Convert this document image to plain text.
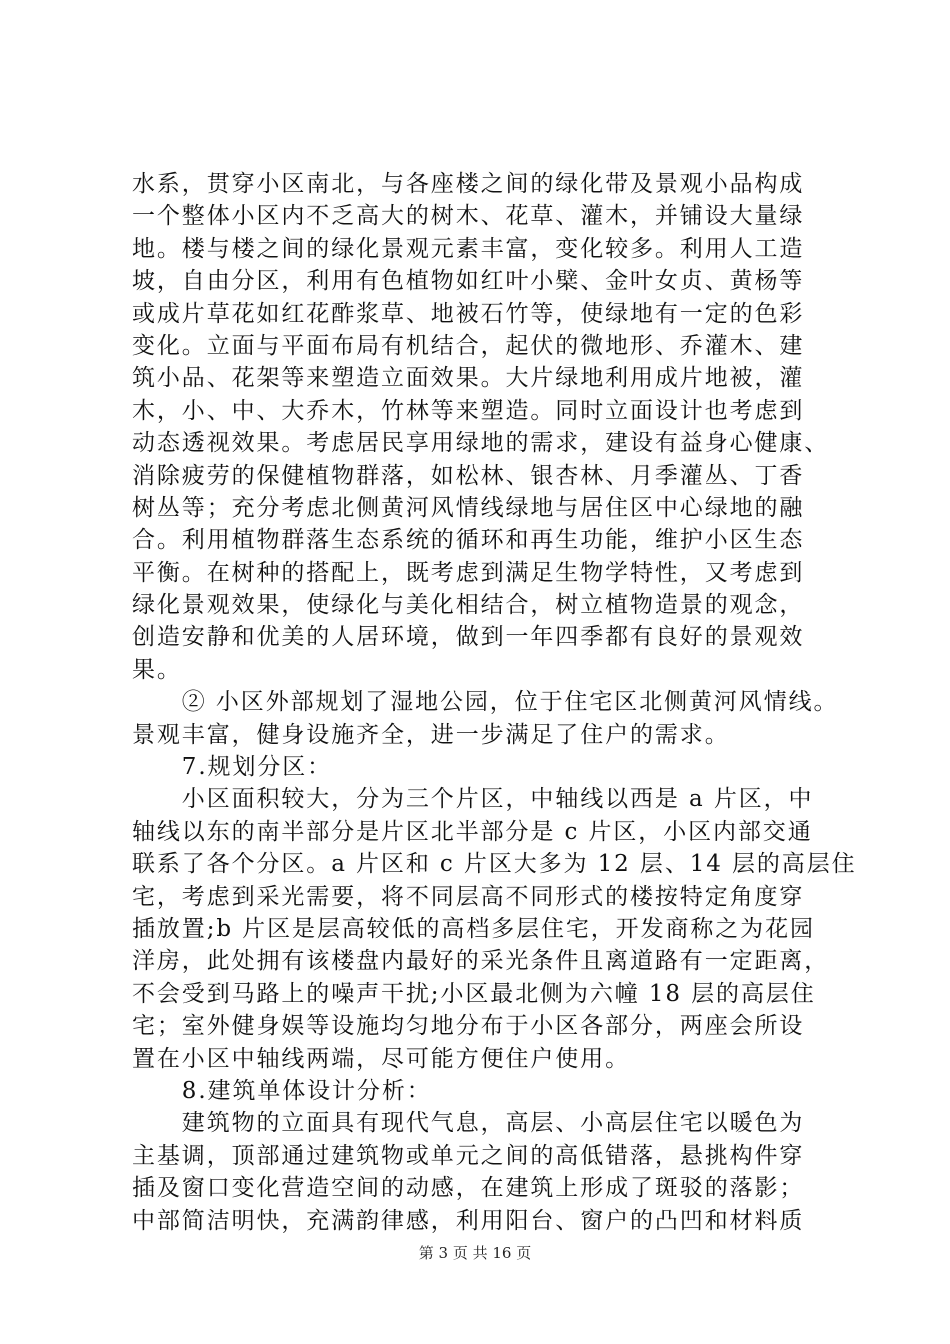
水系，贯穿小区南北，与各座楼之间的绿化带及景观小品构成
一个整体小区内不乏高大的树木、花草、灌木，并铺设大量绿
地。楼与楼之间的绿化景观元素丰富，变化较多。利用人工造
坡，自由分区，利用有色植物如红叶小檗、金叶女贞、黄杨等
或成片草花如红花酢浆草、地被石竹等，使绿地有一定的色彩
变化。立面与平面布局有机结合，起伏的微地形、乔灌木、建
筑小品、花架等来塑造立面效果。大片绿地利用成片地被，灌
木，小、中、大乔木，竹林等来塑造。同时立面设计也考虑到
动态透视效果。考虑居民享用绿地的需求，建设有益身心健康、
消除疲劳的保健植物群落，如松林、银杏林、月季灌丛、丁香
树丛等；充分考虑北侧黄河风情线绿地与居住区中心绿地的融
合。利用植物群落生态系统的循环和再生功能，维护小区生态
平衡。在树种的搭配上，既考虑到满足生物学特性，又考虑到
绿化景观效果，使绿化与美化相结合，树立植物造景的观念，
创造安静和优美的人居环境，做到一年四季都有良好的景观效
果。
　　② 小区外部规划了湿地公园，位于住宅区北侧黄河风情线。
景观丰富，健身设施齐全，进一步满足了住户的需求。
　　7.规划分区：
　　小区面积较大，分为三个片区，中轴线以西是 a 片区，中
轴线以东的南半部分是片区北半部分是 c 片区，小区内部交通
联系了各个分区。a 片区和 c 片区大多为 12 层、14 层的高层住
宅，考虑到采光需要，将不同层高不同形式的楼按特定角度穿
插放置;b 片区是层高较低的高档多层住宅，开发商称之为花园
洋房，此处拥有该楼盘内最好的采光条件且离道路有一定距离，
不会受到马路上的噪声干扰;小区最北侧为六幢 18 层的高层住
宅；室外健身娱等设施均匀地分布于小区各部分，两座会所设
置在小区中轴线两端，尽可能方便住户使用。
　　8.建筑单体设计分析：
　　建筑物的立面具有现代气息，高层、小高层住宅以暖色为
主基调，顶部通过建筑物或单元之间的高低错落，悬挑构件穿
插及窗口变化营造空间的动感，在建筑上形成了斑驳的落影；
中部简洁明快，充满韵律感，利用阳台、窗户的凸凹和材料质
第 3 页 共 16 页
